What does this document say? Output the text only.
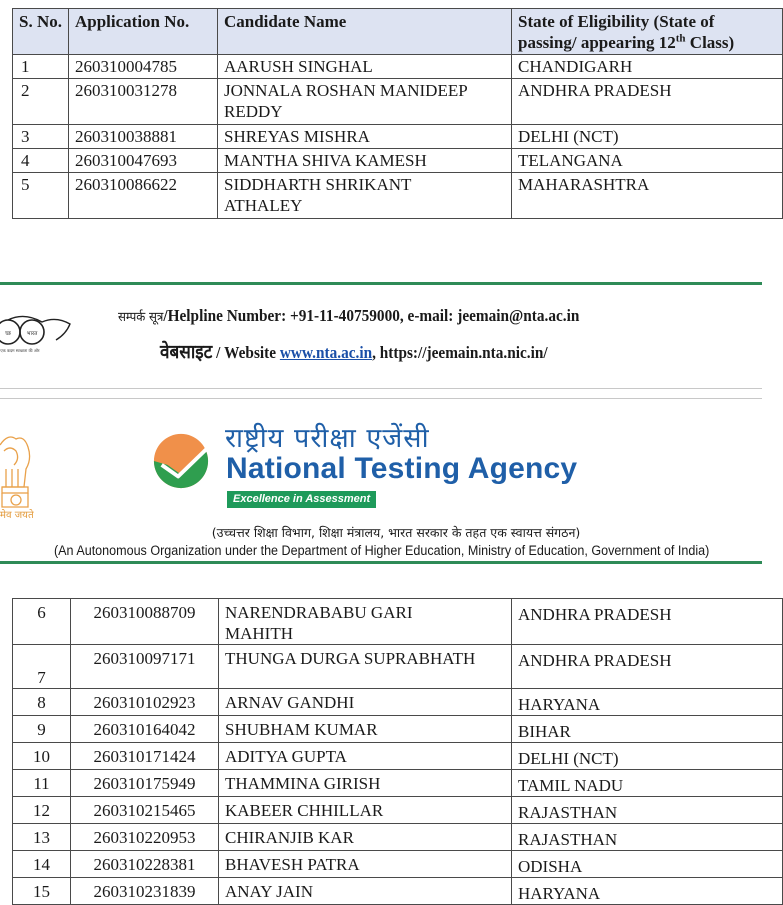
S. No.	Application No.	Candidate Name	State of Eligibility (State of passing/ appearing 12th Class)
1	260310004785	AARUSH SINGHAL	CHANDIGARH
2	260310031278	JONNALA ROSHAN MANIDEEP REDDY	ANDHRA PRADESH
3	260310038881	SHREYAS MISHRA	DELHI (NCT)
4	260310047693	MANTHA SHIVA KAMESH	TELANGANA
5	260310086622	SIDDHARTH SHRIKANT ATHALEY	MAHARASHTRA
भारत
च्छ
एक कदम स्वच्छता की ओर
सम्पर्क सूत्र/Helpline Number: +91-11-40759000, e-mail: jeemain@nta.ac.in
वेबसाइट / Website www.nta.ac.in, https://jeemain.nta.nic.in/
मेव जयते
राष्ट्रीय परीक्षा एजेंसी
National Testing Agency
Excellence in Assessment
(उच्चत्तर शिक्षा विभाग, शिक्षा मंत्रालय, भारत सरकार के तहत एक स्वायत्त संगठन)
(An Autonomous Organization under the Department of Higher Education, Ministry of Education, Government of India)
6	260310088709	NARENDRABABU GARI MAHITH	ANDHRA PRADESH
7	260310097171	THUNGA DURGA SUPRABHATH	ANDHRA PRADESH
8	260310102923	ARNAV GANDHI	HARYANA
9	260310164042	SHUBHAM KUMAR	BIHAR
10	260310171424	ADITYA GUPTA	DELHI (NCT)
11	260310175949	THAMMINA GIRISH	TAMIL NADU
12	260310215465	KABEER CHHILLAR	RAJASTHAN
13	260310220953	CHIRANJIB KAR	RAJASTHAN
14	260310228381	BHAVESH PATRA	ODISHA
15	260310231839	ANAY JAIN	HARYANA
